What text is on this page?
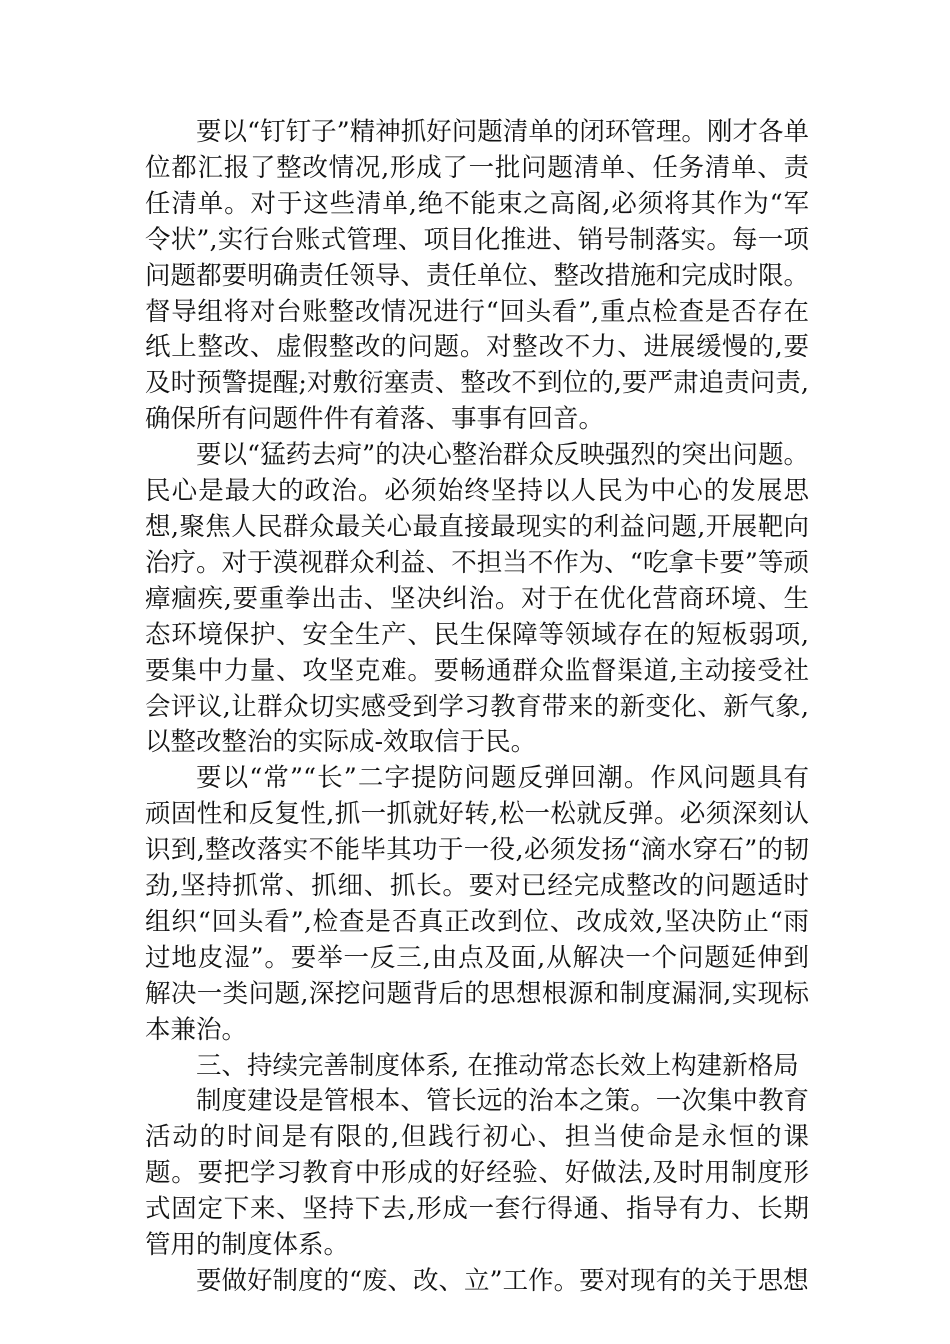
要以“钉钉子”精神抓好问题清单的闭环管理。刚才各单位都汇报了整改情况,形成了一批问题清单、任务清单、责任清单。对于这些清单,绝不能束之高阁,必须将其作为“军令状”,实行台账式管理、项目化推进、销号制落实。每一项问题都要明确责任领导、责任单位、整改措施和完成时限。督导组将对台账整改情况进行“回头看”,重点检查是否存在纸上整改、虚假整改的问题。对整改不力、进展缓慢的,要及时预警提醒;对敷衍塞责、整改不到位的,要严肃追责问责,确保所有问题件件有着落、事事有回音。

要以“猛药去疴”的决心整治群众反映强烈的突出问题。民心是最大的政治。必须始终坚持以人民为中心的发展思想,聚焦人民群众最关心最直接最现实的利益问题,开展靶向治疗。对于漠视群众利益、不担当不作为、“吃拿卡要”等顽瘴痼疾,要重拳出击、坚决纠治。对于在优化营商环境、生态环境保护、安全生产、民生保障等领域存在的短板弱项,要集中力量、攻坚克难。要畅通群众监督渠道,主动接受社会评议,让群众切实感受到学习教育带来的新变化、新气象,以整改整治的实际成-效取信于民。

要以“常”“长”二字提防问题反弹回潮。作风问题具有顽固性和反复性,抓一抓就好转,松一松就反弹。必须深刻认识到,整改落实不能毕其功于一役,必须发扬“滴水穿石”的韧劲,坚持抓常、抓细、抓长。要对已经完成整改的问题适时组织“回头看”,检查是否真正改到位、改成效,坚决防止“雨过地皮湿”。要举一反三,由点及面,从解决一个问题延伸到解决一类问题,深挖问题背后的思想根源和制度漏洞,实现标本兼治。

三、持续完善制度体系, 在推动常态长效上构建新格局

制度建设是管根本、管长远的治本之策。一次集中教育活动的时间是有限的,但践行初心、担当使命是永恒的课题。要把学习教育中形成的好经验、好做法,及时用制度形式固定下来、坚持下去,形成一套行得通、指导有力、长期管用的制度体系。

要做好制度的“废、改、立”工作。要对现有的关于思想
